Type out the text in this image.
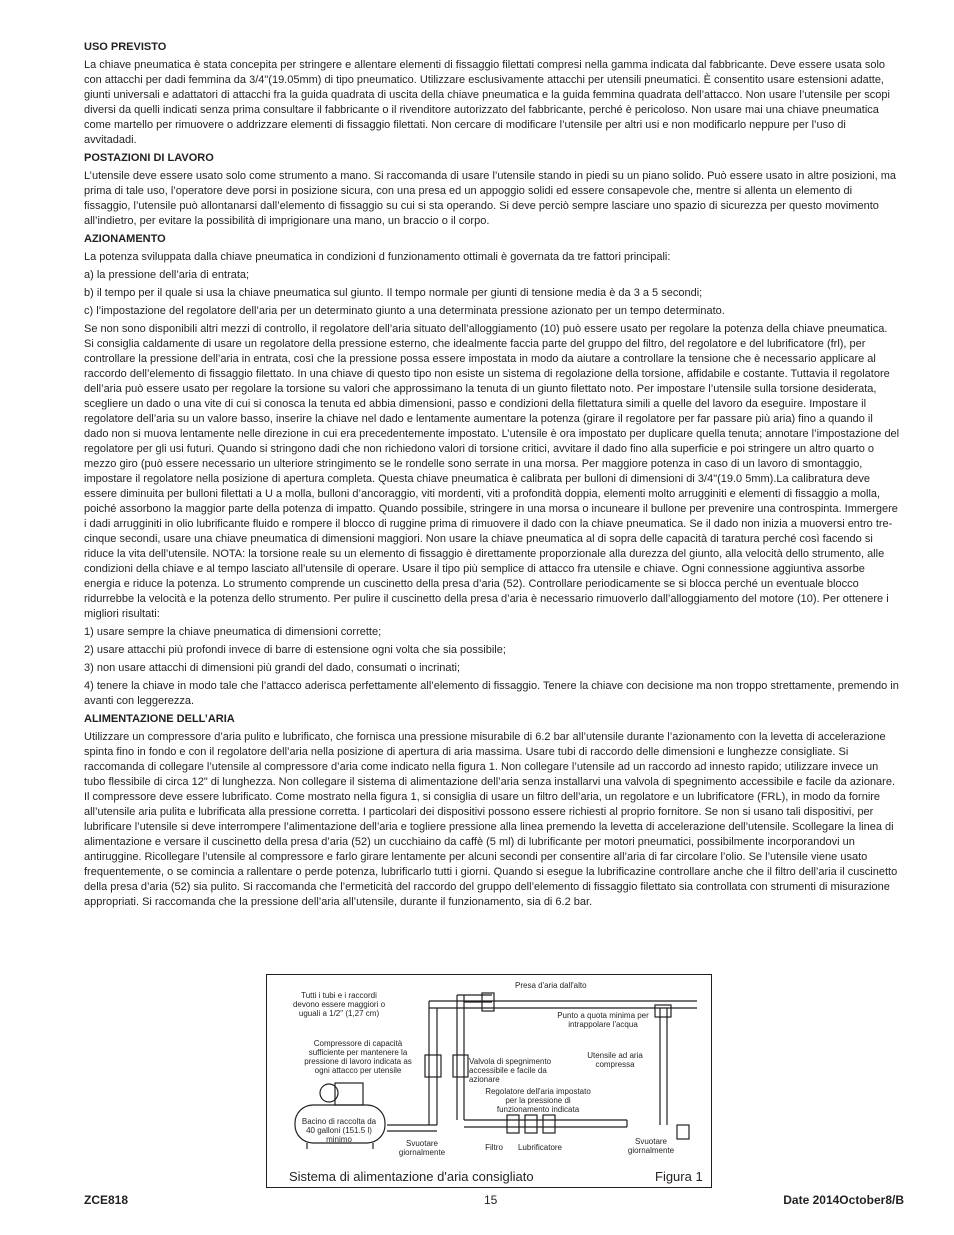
USO PREVISTO
La chiave pneumatica è stata concepita per stringere e allentare elementi di fissaggio filettati compresi nella gamma indicata dal fabbricante. Deve essere usata solo con attacchi per dadi femmina da 3/4"(19.05mm) di tipo pneumatico. Utilizzare esclusivamente attacchi per utensili pneumatici. È consentito usare estensioni adatte, giunti universali e adattatori di attacchi fra la guida quadrata di uscita della chiave pneumatica e la guida femmina quadrata dell’attacco. Non usare l’utensile per scopi diversi da quelli indicati senza prima consultare il fabbricante o il rivenditore autorizzato del fabbricante, perché è pericoloso. Non usare mai una chiave pneumatica come martello per rimuovere o addrizzare elementi di fissaggio filettati. Non cercare di modificare l’utensile per altri usi e non modificarlo neppure per l’uso di avvitadadi.
POSTAZIONI DI LAVORO
L’utensile deve essere usato solo come strumento a mano. Si raccomanda di usare l’utensile stando in piedi su un piano solido. Può essere usato in altre posizioni, ma prima di tale uso, l’operatore deve porsi in posizione sicura, con una presa ed un appoggio solidi ed essere consapevole che, mentre si allenta un elemento di fissaggio, l’utensile può allontanarsi dall’elemento di fissaggio su cui si sta operando. Si deve perciò sempre lasciare uno spazio di sicurezza per questo movimento all’indietro, per evitare la possibilità di imprigionare una mano, un braccio o il corpo.
AZIONAMENTO
La potenza sviluppata dalla chiave pneumatica in condizioni d funzionamento ottimali è governata da tre fattori principali:
a) la pressione dell’aria di entrata;
b) il tempo per il quale si usa la chiave pneumatica sul giunto. Il tempo normale per giunti di tensione media è da 3 a 5 secondi;
c) l’impostazione del regolatore dell’aria per un determinato giunto a una determinata pressione azionato per un tempo determinato.
Se non sono disponibili altri mezzi di controllo, il regolatore dell’aria situato dell’alloggiamento (10) può essere usato per regolare la potenza della chiave pneumatica. Si consiglia caldamente di usare un regolatore della pressione esterno, che idealmente faccia parte del gruppo del filtro, del regolatore e del lubrificatore (frl), per controllare la pressione dell’aria in entrata, così che la pressione possa essere impostata in modo da aiutare a controllare la tensione che è necessario applicare al raccordo dell’elemento di fissaggio filettato. In una chiave di questo tipo non esiste un sistema di regolazione della torsione, affidabile e costante. Tuttavia il regolatore dell’aria può essere usato per regolare la torsione su valori che approssimano la tenuta di un giunto filettato noto. Per impostare l’utensile sulla torsione desiderata, scegliere un dado o una vite di cui si conosca la tenuta ed abbia dimensioni, passo e condizioni della filettatura simili a quelle del lavoro da eseguire. Impostare il regolatore dell’aria su un valore basso, inserire la chiave nel dado e lentamente aumentare la potenza (girare il regolatore per far passare più aria) fino a quando il dado non si muova lentamente nelle direzione in cui era precedentemente impostato. L’utensile è ora impostato per duplicare quella tenuta; annotare l’impostazione del regolatore per gli usi futuri. Quando si stringono dadi che non richiedono valori di torsione critici, avvitare il dado fino alla superficie e poi stringere un altro quarto o mezzo giro (può essere necessario un ulteriore stringimento se le rondelle sono serrate in una morsa. Per maggiore potenza in caso di un lavoro di smontaggio, impostare il regolatore nella posizione di apertura completa. Questa chiave pneumatica è calibrata per bulloni di dimensioni di 3/4"(19.0 5mm).La calibratura deve essere diminuita per bulloni filettati a U a molla, bulloni d’ancoraggio, viti mordenti, viti a profondità doppia, elementi molto arrugginiti e elementi di fissaggio a molla, poiché assorbono la maggior parte della potenza di impatto. Quando possibile, stringere in una morsa o incuneare il bullone per prevenire una controspinta. Immergere i dadi arrugginiti in olio lubrificante fluido e rompere il blocco di ruggine prima di rimuovere il dado con la chiave pneumatica. Se il dado non inizia a muoversi entro tre-cinque secondi, usare una chiave pneumatica di dimensioni maggiori. Non usare la chiave pneumatica al di sopra delle capacità di taratura perché così facendo si riduce la vita dell’utensile. NOTA: la torsione reale su un elemento di fissaggio è direttamente proporzionale alla durezza del giunto, alla velocità dello strumento, alle condizioni della chiave e al tempo lasciato all’utensile di operare. Usare il tipo più semplice di attacco fra utensile e chiave. Ogni connessione aggiuntiva assorbe energia e riduce la potenza. Lo strumento comprende un cuscinetto della presa d’aria (52). Controllare periodicamente se si blocca perché un eventuale blocco ridurrebbe la velocità e la potenza dello strumento. Per pulire il cuscinetto della presa d’aria è necessario rimuoverlo dall’alloggiamento del motore (10). Per ottenere i migliori risultati:
1) usare sempre la chiave pneumatica di dimensioni corrette;
2) usare attacchi più profondi invece di barre di estensione ogni volta che sia possibile;
3) non usare attacchi di dimensioni più grandi del dado, consumati o incrinati;
4) tenere la chiave in modo tale che l’attacco aderisca perfettamente all’elemento di fissaggio. Tenere la chiave con decisione ma non troppo strettamente, premendo in avanti con leggerezza.
ALIMENTAZIONE DELL’ARIA
Utilizzare un compressore d’aria pulito e lubrificato, che fornisca una pressione misurabile di 6.2 bar all’utensile durante l’azionamento con la levetta di accelerazione spinta fino in fondo e con il regolatore dell’aria nella posizione di apertura di aria massima. Usare tubi di raccordo delle dimensioni e lunghezze consigliate. Si raccomanda di collegare l’utensile al compressore d’aria come indicato nella figura 1. Non collegare l’utensile ad un raccordo ad innesto rapido; utilizzare invece un tubo flessibile di circa 12" di lunghezza. Non collegare il sistema di alimentazione dell’aria senza installarvi una valvola di spegnimento accessibile e facile da azionare. Il compressore deve essere lubrificato. Come mostrato nella figura 1, si consiglia di usare un filtro dell’aria, un regolatore e un lubrificatore (FRL), in modo da fornire all’utensile aria pulita e lubrificata alla pressione corretta. I particolari dei dispositivi possono essere richiesti al proprio fornitore. Se non si usano tali dispositivi, per lubrificare l’utensile si deve interrompere l’alimentazione dell’aria e togliere pressione alla linea premendo la levetta di accelerazione dell’utensile. Scollegare la linea di alimentazione e versare il cuscinetto della presa d’aria (52) un cucchiaino da caffè (5 ml) di lubrificante per motori pneumatici, possibilmente incorporandovi un antiruggine. Ricollegare l’utensile al compressore e farlo girare lentamente per alcuni secondi per consentire all’aria di far circolare l’olio. Se l’utensile viene usato frequentemente, o se comincia a rallentare o perde potenza, lubrificarlo tutti i giorni. Quando si esegue la lubrificazine controllare anche che il filtro dell’aria il cuscinetto della presa d’aria (52) sia pulito. Si raccomanda che l’ermeticità del raccordo del gruppo dell’elemento di fissaggio filettato sia controllata con strumenti di misurazione appropriati. Si raccomanda che la pressione dell’aria all’utensile, durante il funzionamento, sia di 6.2 bar.
Tutti i tubi e i raccordi devono essere maggiori o uguali a 1/2" (1,27 cm)
Presa d'aria dall'alto
Punto a quota minima per intrappolare l'acqua
Compressore di capacità sufficiente per mantenere la pressione di lavoro indicata as ogni attacco per utensile
Valvola di spegnimento accessibile e facile da azionare
Utensile ad aria compressa
Regolatore dell'aria impostato per la pressione di funzionamento indicata
Bacino di raccolta da 40 galloni (151.5 l) minimo	Svuotare giornalmente
Filtro	Lubrificatore
Svuotare giornalmente
Sistema di alimentazione d'aria consigliato	Figura 1
ZCE818	15	Date 2014October8/B
